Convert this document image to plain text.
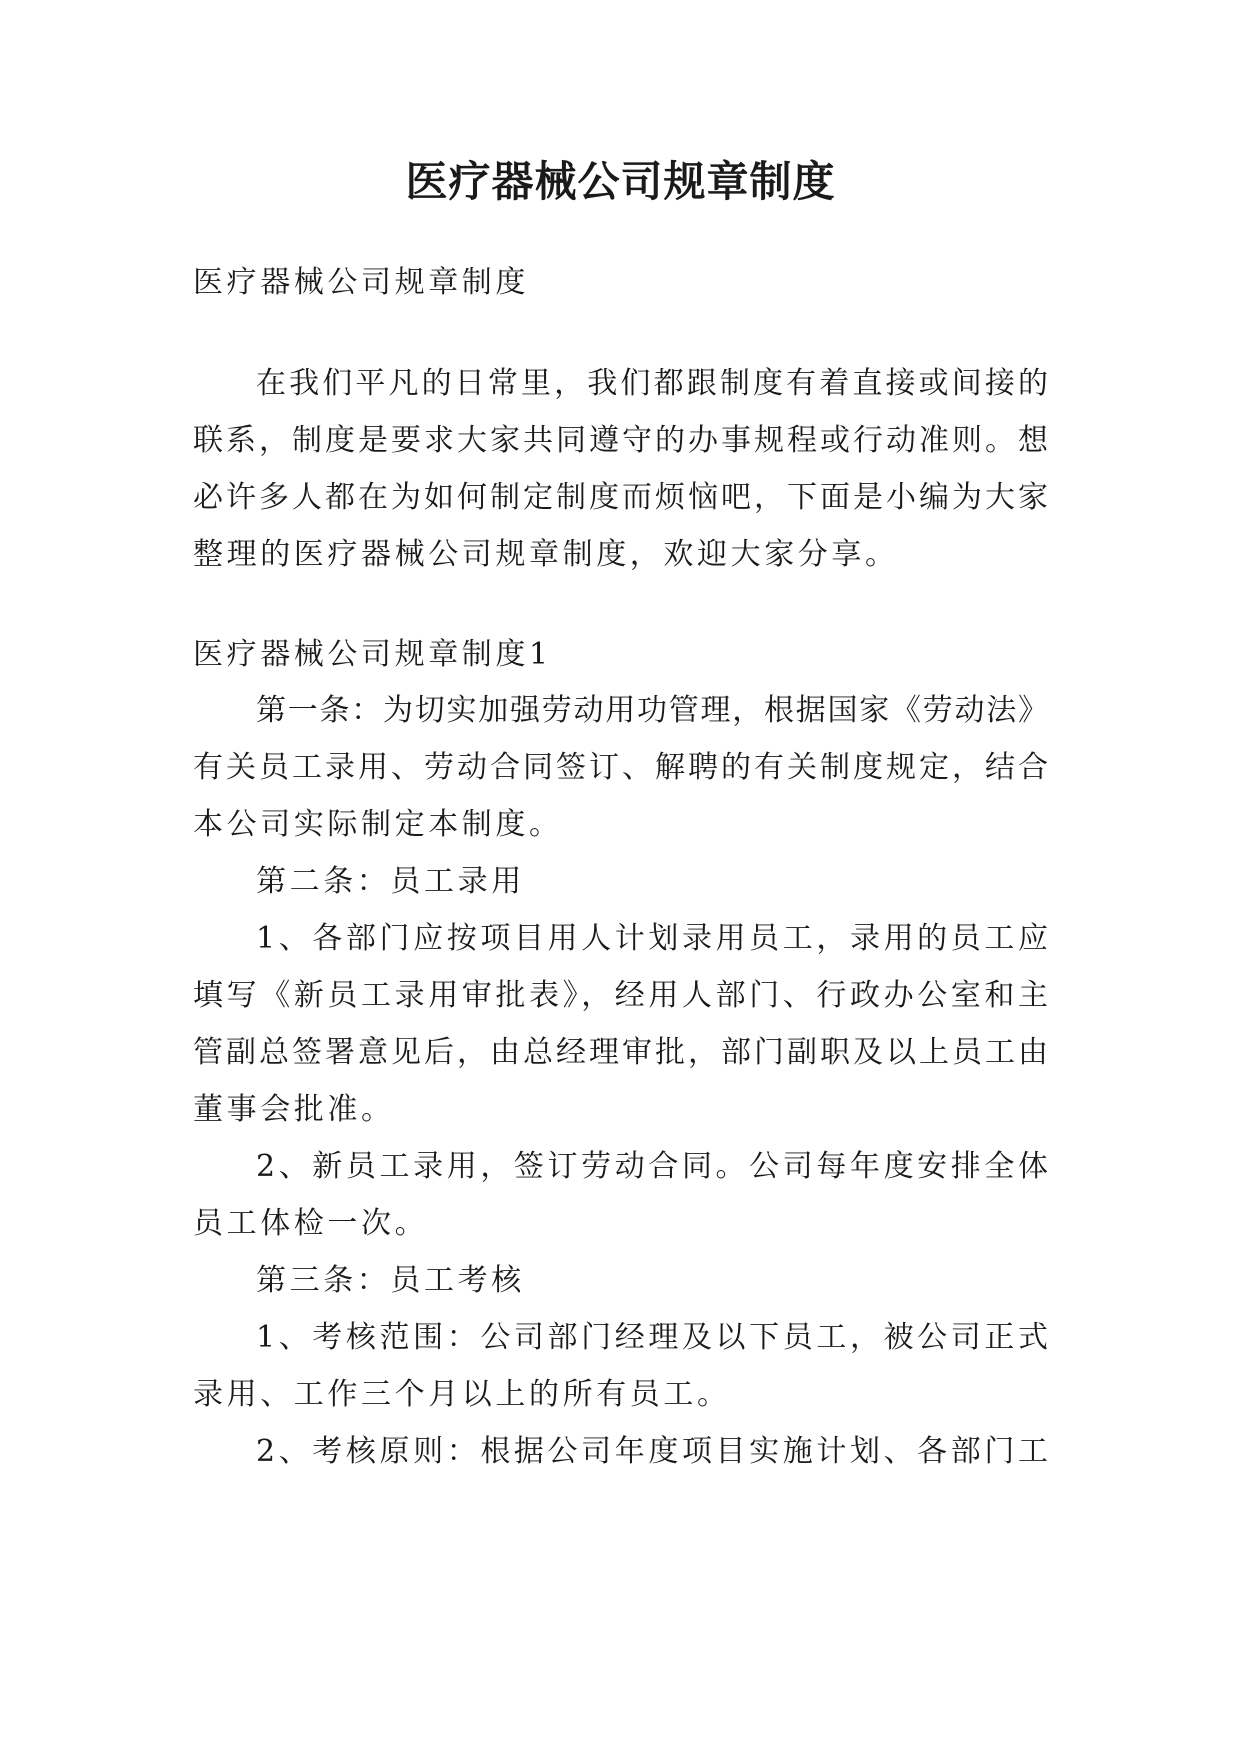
医疗器械公司规章制度
医疗器械公司规章制度
在我们平凡的日常里，我们都跟制度有着直接或间接的
联系，制度是要求大家共同遵守的办事规程或行动准则。想
必许多人都在为如何制定制度而烦恼吧，下面是小编为大家
整理的医疗器械公司规章制度，欢迎大家分享。
医疗器械公司规章制度1
第一条：为切实加强劳动用功管理，根据国家《劳动法》
有关员工录用、劳动合同签订、解聘的有关制度规定，结合
本公司实际制定本制度。
第二条：员工录用
1、各部门应按项目用人计划录用员工，录用的员工应
填写《新员工录用审批表》，经用人部门、行政办公室和主
管副总签署意见后，由总经理审批，部门副职及以上员工由
董事会批准。
2、新员工录用，签订劳动合同。公司每年度安排全体
员工体检一次。
第三条：员工考核
1、考核范围：公司部门经理及以下员工，被公司正式
录用、工作三个月以上的所有员工。
2、考核原则：根据公司年度项目实施计划、各部门工
